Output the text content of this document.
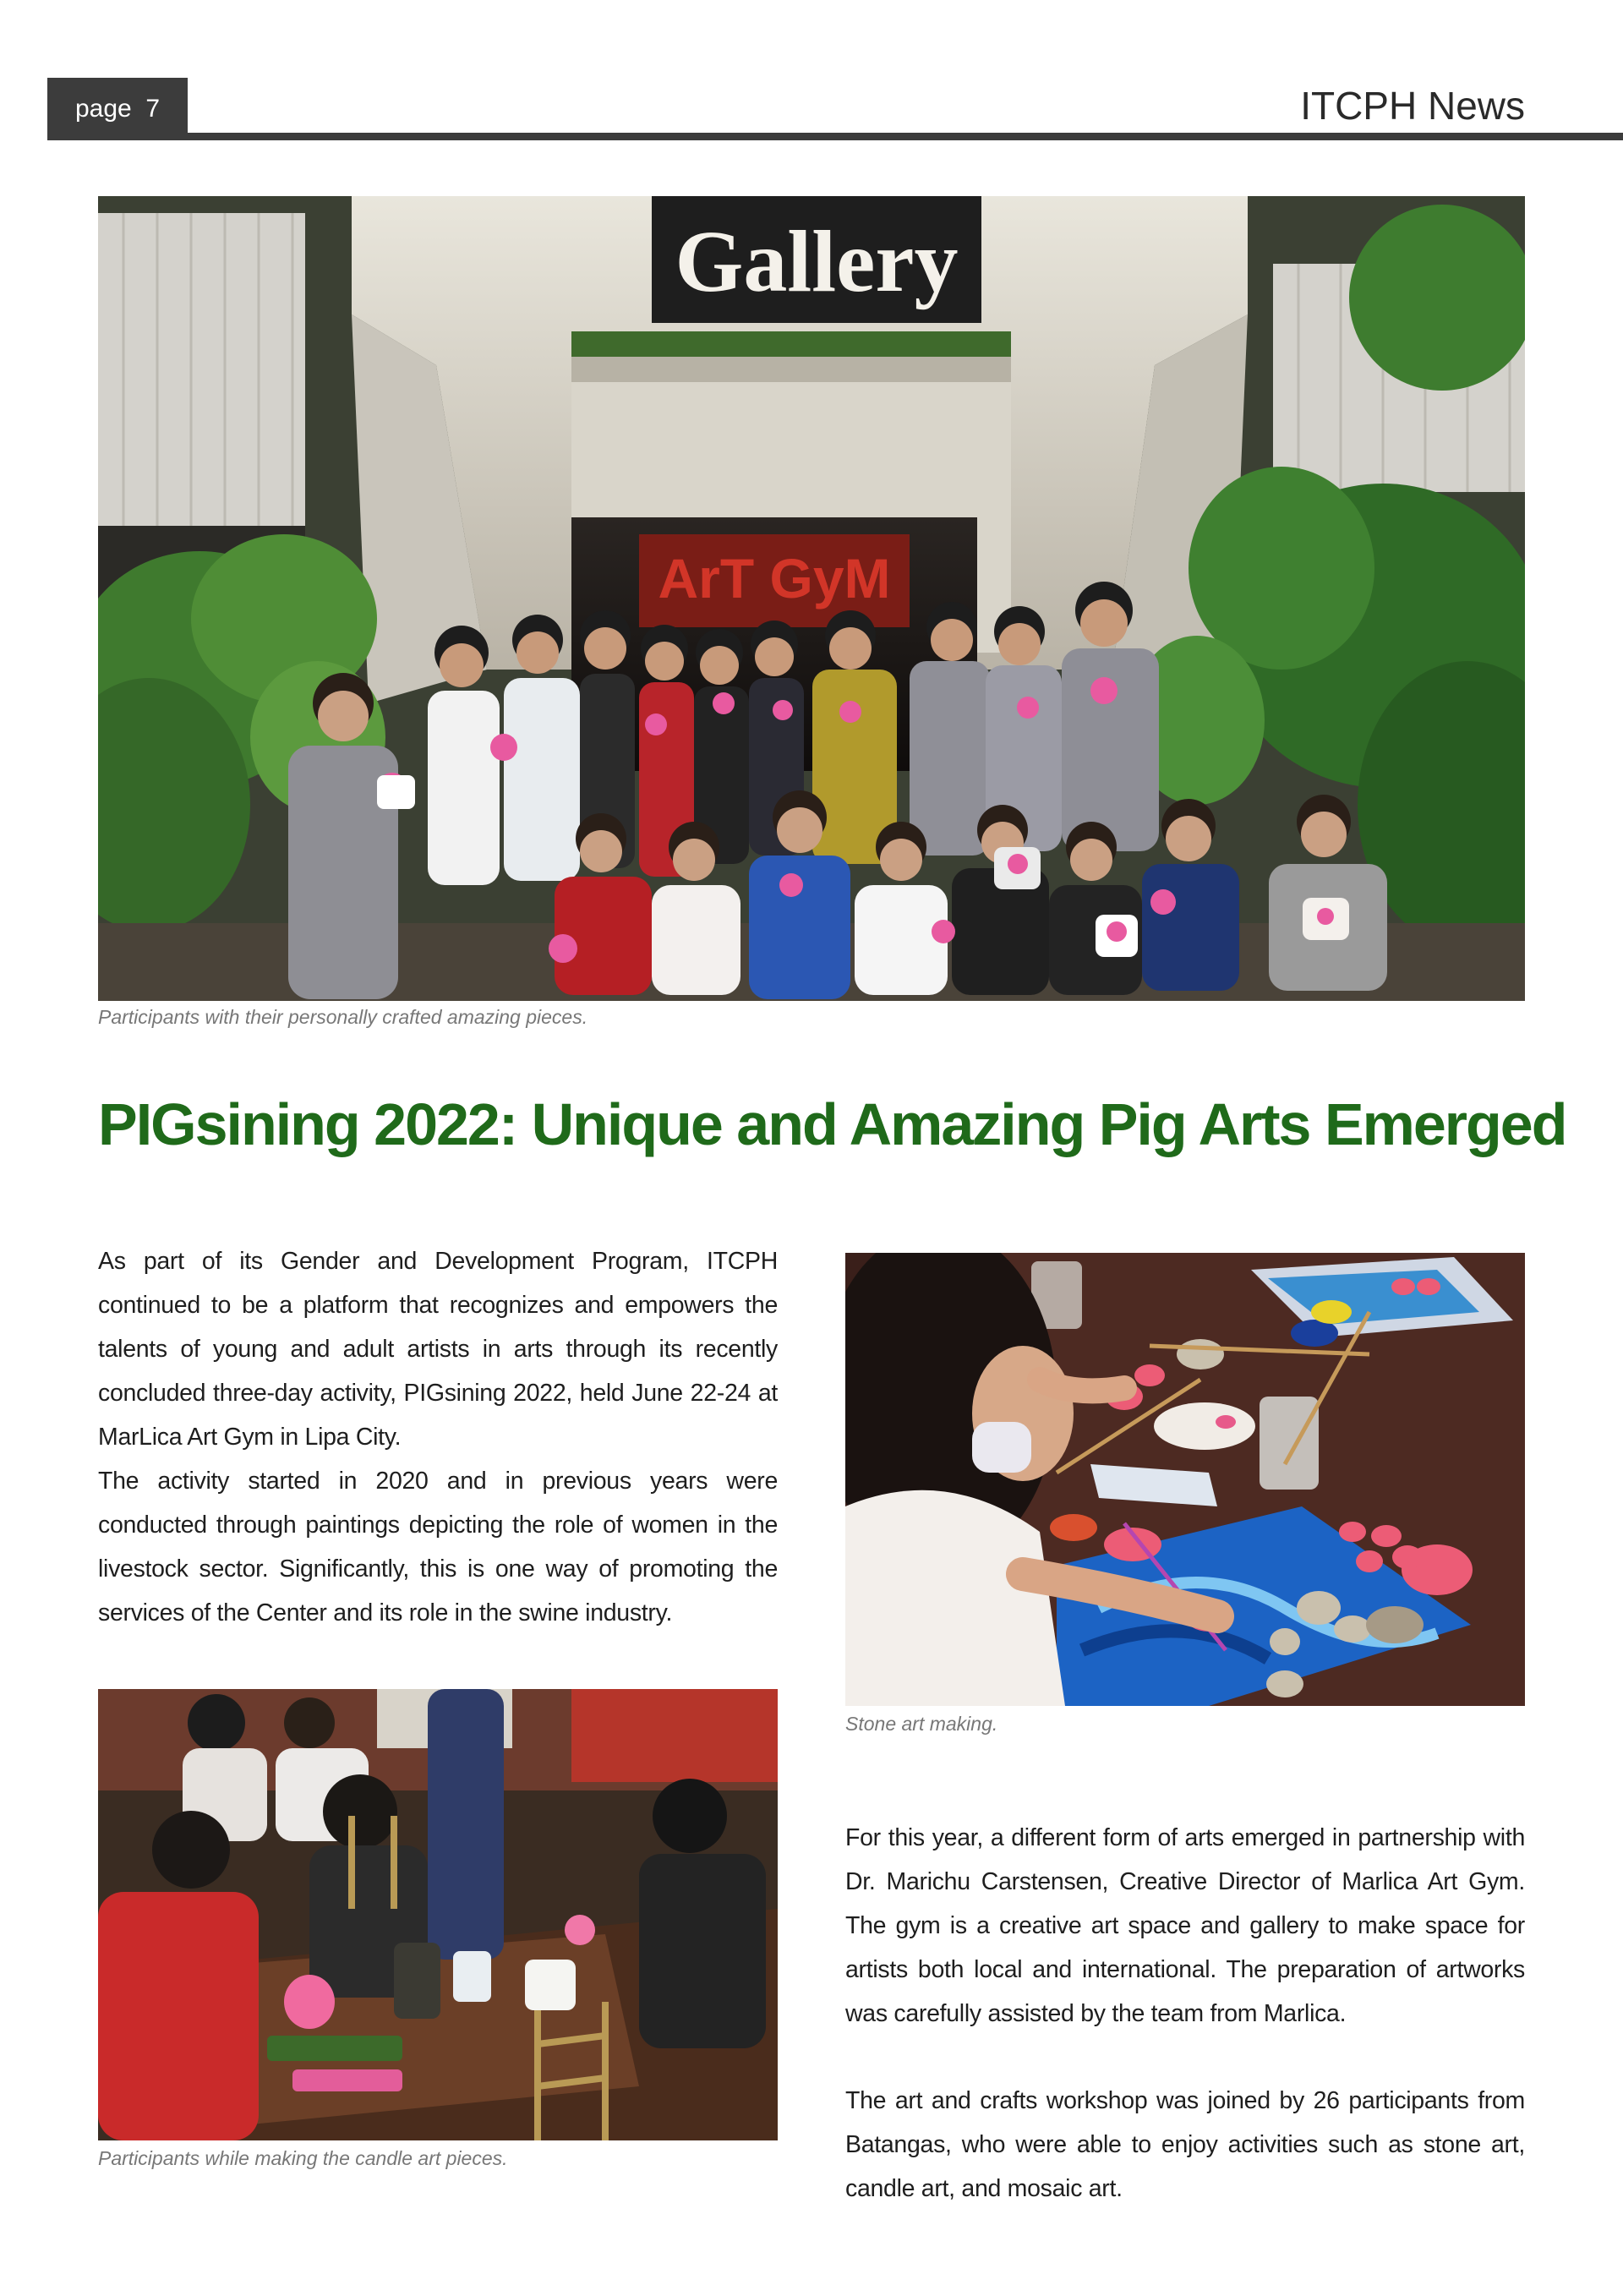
page  7	ITCPH News
Gallery
ArT GyM
Participants with their personally crafted amazing pieces.
PIGsining 2022: Unique and Amazing Pig Arts Emerged

As part of its Gender and Development Program, ITCPH continued to be a platform that recognizes and empowers the talents of young and adult artists in arts through its recently concluded three-day activity, PIGsining 2022, held June 22-24 at MarLica Art Gym in Lipa City.

The activity started in 2020 and in previous years were conducted through paintings depicting the role of women in the livestock sector. Significantly, this is one way of promoting the services of the Center and its role in the swine industry.

Participants while making the candle art pieces.
Stone art making.

For this year, a different form of arts emerged in partnership with Dr. Marichu Carstensen, Creative Director of Marlica Art Gym. The gym is a creative art space and gallery to make space for artists both local and international. The preparation of artworks was carefully assisted by the team from Marlica.

The art and crafts workshop was joined by 26 participants from Batangas, who were able to enjoy activities such as stone art, candle art, and mosaic art.
